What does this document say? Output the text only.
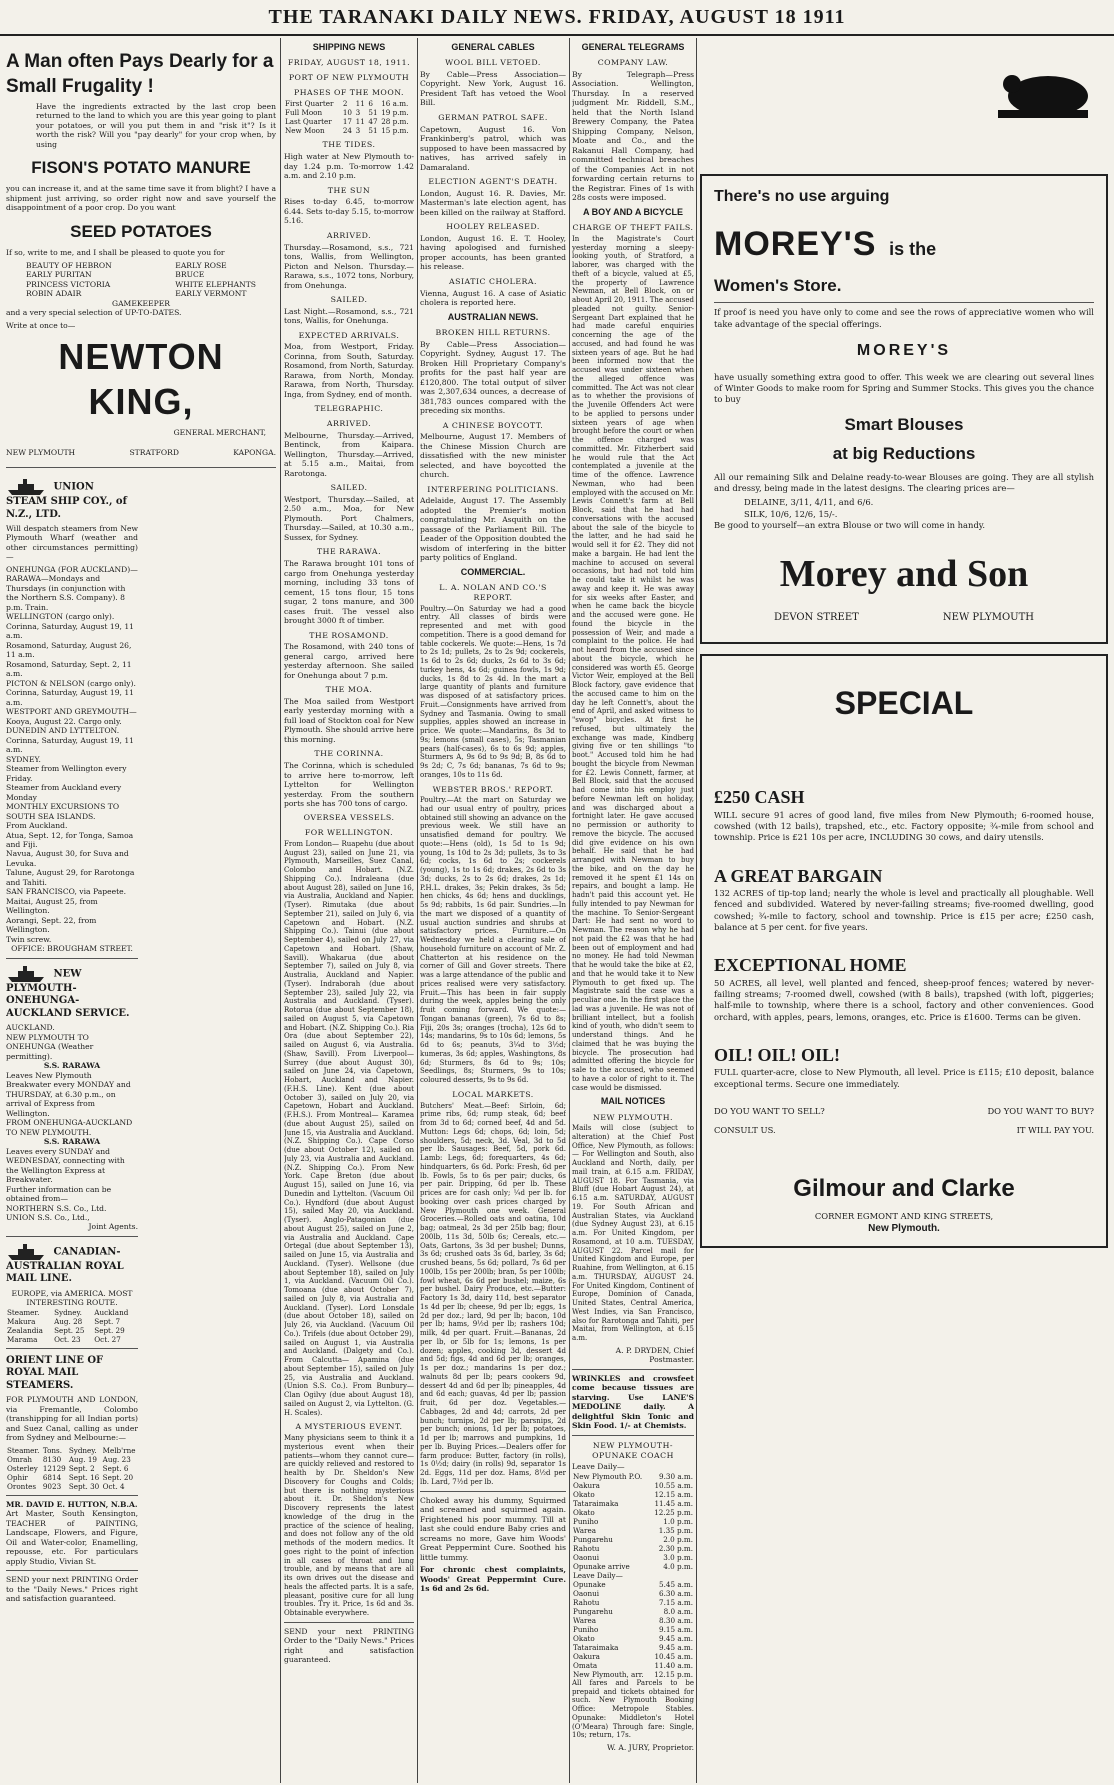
THE TARANAKI DAILY NEWS. FRIDAY, AUGUST 18 1911
A Man often Pays Dearly for a
Small Frugality !

Have the ingredients extracted by the last crop been returned to the land to which you are this year going to plant your potatoes, or will you put them in and "risk it"? Is it worth the risk? Will you "pay dearly" for your crop when, by using

FISON'S POTATO MANURE

you can increase it, and at the same time save it from blight? I have a shipment just arriving, so order right now and save yourself the disappointment of a poor crop. Do you want

SEED POTATOES

If so, write to me, and I shall be pleased to quote you for

BEAUTY OF HEBRON
EARLY PURITAN
PRINCESS VICTORIA
ROBIN ADAIR
EARLY ROSE
BRUCE
WHITE ELEPHANTS
EARLY VERMONT
GAMEKEEPER

and a very special selection of UP-TO-DATES.

Write at once to—

NEWTON KING,
GENERAL MERCHANT,
NEW PLYMOUTH	STRATFORD	KAPONGA.
UNION STEAM SHIP COY., of N.Z., LTD.

Will despatch steamers from New Plymouth Wharf (weather and other circumstances permitting)—

ONEHUNGA (FOR AUCKLAND)—
RARAWA—Mondays and Thursdays (in conjunction with the Northern S.S. Company). 8 p.m. Train.
WELLINGTON (cargo only).
Corinna, Saturday, August 19, 11 a.m.
Rosamond, Saturday, August 26, 11 a.m.
Rosamond, Saturday, Sept. 2, 11 a.m.
PICTON & NELSON (cargo only).
Corinna, Saturday, August 19, 11 a.m.
WESTPORT AND GREYMOUTH—
Kooya, August 22. Cargo only.
DUNEDIN AND LYTTELTON.
Corinna, Saturday, August 19, 11 a.m.
SYDNEY.
Steamer from Wellington every Friday.
Steamer from Auckland every Monday
MONTHLY EXCURSIONS TO SOUTH SEA ISLANDS.
From Auckland.
Atua, Sept. 12, for Tonga, Samoa and Fiji.
Navua, August 30, for Suva and Levuka.
Talune, August 29, for Rarotonga and Tahiti.
SAN FRANCISCO, via Papeete.
Maitai, August 25, from Wellington.
Aorangi, Sept. 22, from Wellington.
Twin screw.
OFFICE: BROUGHAM STREET.
NEW PLYMOUTH-ONEHUNGA-AUCKLAND SERVICE.
AUCKLAND.
NEW PLYMOUTH TO ONEHUNGA (Weather permitting).
S.S. RARAWA
Leaves New Plymouth Breakwater every MONDAY and THURSDAY, at 6.30 p.m., on arrival of Express from Wellington.
FROM ONEHUNGA-AUCKLAND TO NEW PLYMOUTH.
S.S. RARAWA
Leaves every SUNDAY and WEDNESDAY, connecting with the Wellington Express at Breakwater.
Further information can be obtained from—
NORTHERN S.S. Co., Ltd.
UNION S.S. Co., Ltd.,
Joint Agents.
CANADIAN-AUSTRALIAN ROYAL MAIL LINE.
EUROPE, via AMERICA. MOST INTERESTING ROUTE.
Steamer.	Sydney.	Auckland
Makura	Aug. 28	Sept. 7
Zealandia	Sept. 25	Sept. 29
Marama	Oct. 23	Oct. 27
ORIENT LINE OF ROYAL MAIL STEAMERS.

FOR PLYMOUTH AND LONDON, via Fremantle, Colombo (transhipping for all Indian ports) and Suez Canal, calling as under from Sydney and Melbourne:—

Steamer.	Tons.	Sydney.	Melb'rne
Omrah	8130	Aug. 19	Aug. 23
Osterley	12129	Sept. 2	Sept. 6
Ophir	6814	Sept. 16	Sept. 20
Orontes	9023	Sept. 30	Oct. 4
MR. DAVID E. HUTTON, N.B.A.

Art Master, South Kensington, TEACHER of PAINTING, Landscape, Flowers, and Figure, Oil and Water-color, Enamelling, repousse, etc. For particulars apply Studio, Vivian St.

SEND your next PRINTING Order to the "Daily News." Prices right and satisfaction guaranteed.

SHIPPING NEWS
FRIDAY, AUGUST 18, 1911.
PORT OF NEW PLYMOUTH
PHASES OF THE MOON.
First Quarter	2	11	6	16 a.m.
Full Moon	10	3	51	19 p.m.
Last Quarter	17	11	47	28 p.m.
New Moon	24	3	51	15 p.m.
THE TIDES.

High water at New Plymouth to-day 1.24 p.m. To-morrow 1.42 a.m. and 2.10 p.m.

THE SUN

Rises to-day 6.45, to-morrow 6.44. Sets to-day 5.15, to-morrow 5.16.

ARRIVED.

Thursday.—Rosamond, s.s., 721 tons, Wallis, from Wellington, Picton and Nelson. Thursday.—Rarawa, s.s., 1072 tons, Norbury, from Onehunga.

SAILED.

Last Night.—Rosamond, s.s., 721 tons, Wallis, for Onehunga.

EXPECTED ARRIVALS.

Moa, from Westport, Friday. Corinna, from South, Saturday. Rosamond, from North, Saturday. Rarawa, from North, Monday. Rarawa, from North, Thursday. Inga, from Sydney, end of month.

TELEGRAPHIC.
ARRIVED.

Melbourne, Thursday.—Arrived, Bentinck, from Kaipara. Wellington, Thursday.—Arrived, at 5.15 a.m., Maitai, from Rarotonga.

SAILED.

Westport, Thursday.—Sailed, at 2.50 a.m., Moa, for New Plymouth. Port Chalmers, Thursday.—Sailed, at 10.30 a.m., Sussex, for Sydney.

THE RARAWA.

The Rarawa brought 101 tons of cargo from Onehunga yesterday morning, including 33 tons of cement, 15 tons flour, 15 tons sugar, 2 tons manure, and 300 cases fruit. The vessel also brought 3000 ft of timber.

THE ROSAMOND.

The Rosamond, with 240 tons of general cargo, arrived here yesterday afternoon. She sailed for Onehunga about 7 p.m.

THE MOA.

The Moa sailed from Westport early yesterday morning with a full load of Stockton coal for New Plymouth. She should arrive here this morning.

THE CORINNA.

The Corinna, which is scheduled to arrive here to-morrow, left Lyttelton for Wellington yesterday. From the southern ports she has 700 tons of cargo.

OVERSEA VESSELS.
FOR WELLINGTON.

From London— Ruapehu (due about August 23), sailed on June 21, via Plymouth, Marseilles, Suez Canal, Colombo and Hobart. (N.Z. Shipping Co.). Indraleana (due about August 28), sailed on June 16, via Australia, Auckland and Napier. (Tyser). Rimutaka (due about September 21), sailed on July 6, via Capetown and Hobart. (N.Z. Shipping Co.). Tainui (due about September 4), sailed on July 27, via Capetown and Hobart. (Shaw, Savill). Whakarua (due about September 7), sailed on July 8, via Australia, Auckland and Napier. (Tyser). Indraborah (due about September 23), sailed July 22, via Australia and Auckland. (Tyser). Rotorua (due about September 18), sailed on August 5, via Capetown and Hobart. (N.Z. Shipping Co.). Ria Ora (due about September 22), sailed on August 6, via Australia. (Shaw, Savill). From Liverpool— Surrey (due about August 30), sailed on June 24, via Capetown, Hobart, Auckland and Napier. (F.H.S. Line). Kent (due about October 3), sailed on July 20, via Capetown, Hobart and Auckland. (F.H.S.). From Montreal— Karamea (due about August 25), sailed on June 15, via Australia and Auckland. (N.Z. Shipping Co.). Cape Corso (due about October 12), sailed on July 23, via Australia and Auckland. (N.Z. Shipping Co.). From New York. Cape Breton (due about August 15), sailed on June 16, via Dunedin and Lyttelton. (Vacuum Oil Co.). Hyndford (due about August 15), sailed May 20, via Auckland. (Tyser). Anglo-Patagonian (due about August 25), sailed on June 2, via Australia and Auckland. Cape Ortegal (due about September 13), sailed on June 15, via Australia and Auckland. (Tyser). Wellsone (due about September 18), sailed on July 1, via Auckland. (Vacuum Oil Co.). Tomoana (due about October 7), sailed on July 8, via Australia and Auckland. (Tyser). Lord Lonsdale (due about October 18), sailed on July 26, via Auckland. (Vacuum Oil Co.). Trifels (due about October 29), sailed on August 1, via Australia and Auckland. (Dalgety and Co.). From Calcutta— Apamina (due about September 15), sailed on July 25, via Australia and Auckland. (Union S.S. Co.). From Bunbury— Clan Ogilvy (due about August 18), sailed on August 2, via Lyttelton. (G. H. Scales).

A MYSTERIOUS EVENT.

Many physicians seem to think it a mysterious event when their patients—whom they cannot cure—are quickly relieved and restored to health by Dr. Sheldon's New Discovery for Coughs and Colds; but there is nothing mysterious about it. Dr. Sheldon's New Discovery represents the latest knowledge of the drug in the practice of the science of healing, and does not follow any of the old methods of the modern medics. It goes right to the point of infection in all cases of throat and lung trouble, and by means that are all its own drives out the disease and heals the affected parts. It is a safe, pleasant, positive cure for all lung troubles. Try it. Price, 1s 6d and 3s. Obtainable everywhere.

SEND your next PRINTING Order to the "Daily News." Prices right and satisfaction guaranteed.

GENERAL CABLES
WOOL BILL VETOED.

By Cable—Press Association—Copyright. New York, August 16. President Taft has vetoed the Wool Bill.

GERMAN PATROL SAFE.

Capetown, August 16. Von Frankinberg's patrol, which was supposed to have been massacred by natives, has arrived safely in Damaraland.

ELECTION AGENT'S DEATH.

London, August 16. R. Davies, Mr. Masterman's late election agent, has been killed on the railway at Stafford.

HOOLEY RELEASED.

London, August 16. E. T. Hooley, having apologised and furnished proper accounts, has been granted his release.

ASIATIC CHOLERA.

Vienna, August 16. A case of Asiatic cholera is reported here.

AUSTRALIAN NEWS.
BROKEN HILL RETURNS.

By Cable—Press Association—Copyright. Sydney, August 17. The Broken Hill Proprietary Company's profits for the past half year are £120,800. The total output of silver was 2,307,634 ounces, a decrease of 381,783 ounces compared with the preceding six months.

A CHINESE BOYCOTT.

Melbourne, August 17. Members of the Chinese Mission Church are dissatisfied with the new minister selected, and have boycotted the church.

INTERFERING POLITICIANS.

Adelaide, August 17. The Assembly adopted the Premier's motion congratulating Mr. Asquith on the passage of the Parliament Bill. The Leader of the Opposition doubted the wisdom of interfering in the bitter party politics of England.

COMMERCIAL.
L. A. NOLAN AND CO.'S REPORT.

Poultry.—On Saturday we had a good entry. All classes of birds were represented and met with good competition. There is a good demand for table cockerels. We quote:—Hens, 1s 7d to 2s 1d; pullets, 2s to 2s 9d; cockerels, 1s 6d to 2s 6d; ducks, 2s 6d to 3s 6d; turkey hens, 4s 6d; guinea fowls, 1s 9d; ducks, 1s 8d to 2s 4d. In the mart a large quantity of plants and furniture was disposed of at satisfactory prices. Fruit.—Consignments have arrived from Sydney and Tasmania. Owing to small supplies, apples showed an increase in price. We quote:—Mandarins, 8s 3d to 9s; lemons (small cases), 5s; Tasmanian pears (half-cases), 6s to 6s 9d; apples, Sturmers A, 9s 6d to 9s 9d; B, 8s 6d to 9s 2d; C, 7s 6d; bananas, 7s 6d to 9s; oranges, 10s to 11s 6d.

WEBSTER BROS.' REPORT.

Poultry.—At the mart on Saturday we had our usual entry of poultry, prices obtained still showing an advance on the previous week. We still have an unsatisfied demand for poultry. We quote:—Hens (old), 1s 5d to 1s 9d; young, 1s 10d to 2s 3d; pullets, 3s to 3s 6d; cocks, 1s 6d to 2s; cockerels (young), 1s to 1s 6d; drakes, 2s 6d to 3s 3d; ducks, 2s to 2s 6d; drakes, 2s 1d; P.H.L. drakes, 3s; Pekin drakes, 3s 5d; hen chicks, 4s 6d; hens and ducklings, 5s 9d; rabbits, 1s 6d pair. Sundries.—In the mart we disposed of a quantity of usual auction sundries and shrubs at satisfactory prices. Furniture.—On Wednesday we held a clearing sale of household furniture on account of Mr. Z. Chatterton at his residence on the corner of Gill and Gover streets. There was a large attendance of the public and prices realised were very satisfactory. Fruit.—This has been in fair supply during the week, apples being the only fruit coming forward. We quote:—Tongan bananas (green), 7s 6d to 8s; Fiji, 20s 3s; oranges (trocha), 12s 6d to 14s; mandarins, 9s to 10s 6d; lemons, 5s 6d to 6s; peanuts, 3¼d to 3½d; kumeras, 3s 6d; apples, Washingtons, 8s 6d; Sturmers, 8s 6d to 9s; 10s; Seedlings, 8s; Sturmers, 9s to 10s; coloured desserts, 9s to 9s 6d.

LOCAL MARKETS.

Butchers' Meat.—Beef: Sirloin, 6d; prime ribs, 6d; rump steak, 6d; beef from 3d to 6d; corned beef, 4d and 5d. Mutton: Legs 6d; chops, 6d; loin, 5d; shoulders, 5d; neck, 3d. Veal, 3d to 5d per lb. Sausages: Beef, 5d, pork 6d. Lamb: Legs, 6d; forequarters, 4s 6d; hindquarters, 6s 6d. Pork: Fresh, 6d per lb. Fowls, 5s to 6s per pair; ducks, 6s per pair. Dripping, 6d per lb. These prices are for cash only; ¼d per lb. for booking over cash prices charged by New Plymouth one week. General Groceries.—Rolled oats and oatina, 10d bag; oatmeal, 2s 3d per 25lb bag; flour, 200lb, 11s 3d, 50lb 6s; Cereals, etc.—Oats, Gartons, 3s 3d per bushel; Dunns, 3s 6d; crushed oats 3s 6d, barley, 3s 6d; crushed beans, 5s 6d; pollard, 7s 6d per 100lb, 15s per 200lb; bran, 5s per 100lb; fowl wheat, 6s 6d per bushel; maize, 6s per bushel. Dairy Produce, etc.—Butter: Factory 1s 3d, dairy 11d, best separator 1s 4d per lb; cheese, 9d per lb; eggs, 1s 2d per doz.; lard, 9d per lb; bacon, 10d per lb; hams, 9½d per lb; rashers 10d; milk, 4d per quart. Fruit.—Bananas, 2d per lb, or 5lb for 1s; lemons, 1s per dozen; apples, cooking 3d, dessert 4d and 5d; figs, 4d and 6d per lb; oranges, 1s per doz.; mandarins 1s per doz.; walnuts 8d per lb; pears cookers 9d, dessert 4d and 6d per lb; pineapples, 4d and 6d each; guavas, 4d per lb; passion fruit, 6d per doz. Vegetables.—Cabbages, 2d and 4d; carrots, 2d per bunch; turnips, 2d per lb; parsnips, 2d per bunch; onions, 1d per lb; potatoes, 1d per lb; marrows and pumpkins, 1d per lb. Buying Prices.—Dealers offer for farm produce: Butter, factory (in rolls), 1s 0½d; dairy (in rolls) 9d, separator 1s 2d. Eggs, 11d per doz. Hams, 8½d per lb. Lard, 7½d per lb.

Choked away his dummy, Squirmed and screamed and squirmed again. Frightened his poor mummy. Till at last she could endure Baby cries and screams no more, Gave him Woods' Great Peppermint Cure. Soothed his little tummy.

For chronic chest complaints, Woods' Great Peppermint Cure. 1s 6d and 2s 6d.

GENERAL TELEGRAMS
COMPANY LAW.

By Telegraph—Press Association. Wellington, Thursday. In a reserved judgment Mr. Riddell, S.M., held that the North Island Brewery Company, the Patea Shipping Company, Nelson, Moate and Co., and the Rakanui Hall Company, had committed technical breaches of the Companies Act in not forwarding certain returns to the Registrar. Fines of 1s with 28s costs were imposed.

A BOY AND A BICYCLE
CHARGE OF THEFT FAILS.

In the Magistrate's Court yesterday morning a sleepy-looking youth, of Stratford, a laborer, was charged with the theft of a bicycle, valued at £5, the property of Lawrence Newman, at Bell Block, on or about April 20, 1911. The accused pleaded not guilty. Senior-Sergeant Dart explained that he had made careful enquiries concerning the age of the accused, and had found he was sixteen years of age. But he had been informed now that the accused was under sixteen when the alleged offence was committed. The Act was not clear as to whether the provisions of the Juvenile Offenders Act were to be applied to persons under sixteen years of age when brought before the court or when the offence charged was committed. Mr. Fitzherbert said he would rule that the Act contemplated a juvenile at the time of the offence. Lawrence Newman, who had been employed with the accused on Mr. Lewis Connett's farm at Bell Block, said that he had had conversations with the accused about the sale of the bicycle to the latter, and he had said he would sell it for £2. They did not make a bargain. He had lent the machine to accused on several occasions, but had not told him he could take it whilst he was away and keep it. He was away for six weeks after Easter, and when he came back the bicycle and the accused were gone. He found the bicycle in the possession of Weir, and made a complaint to the police. He had not heard from the accused since about the bicycle, which he considered was worth £5. George Victor Weir, employed at the Bell Block factory, gave evidence that the accused came to him on the day he left Connett's, about the end of April, and asked witness to "swop" bicycles. At first he refused, but ultimately the exchange was made, Kindberg giving five or ten shillings "to boot." Accused told him he had bought the bicycle from Newman for £2. Lewis Connett, farmer, at Bell Block, said that the accused had come into his employ just before Newman left on holiday, and was discharged about a fortnight later. He gave accused no permission or authority to remove the bicycle. The accused did give evidence on his own behalf. He said that he had arranged with Newman to buy the bike, and on the day he removed it he spent £1 14s on repairs, and bought a lamp. He hadn't paid this account yet. He fully intended to pay Newman for the machine. To Senior-Sergeant Dart: He had sent no word to Newman. The reason why he had not paid the £2 was that he had been out of employment and had no money. He had told Newman that he would take the bike at £2, and that he would take it to New Plymouth to get fixed up. The Magistrate said the case was a peculiar one. In the first place the lad was a juvenile. He was not of brilliant intellect, but a foolish kind of youth, who didn't seem to understand things. And he claimed that he was buying the bicycle. The prosecution had admitted offering the bicycle for sale to the accused, who seemed to have a color of right to it. The case would be dismissed.

MAIL NOTICES
NEW PLYMOUTH.

Mails will close (subject to alteration) at the Chief Post Office, New Plymouth, as follows:— For Wellington and South, also Auckland and North, daily, per mail train, at 6.15 a.m. FRIDAY, AUGUST 18. For Tasmania, via Bluff (due Hobart August 24), at 6.15 a.m. SATURDAY, AUGUST 19. For South African and Australian States, via Auckland (due Sydney August 23), at 6.15 a.m. For United Kingdom, per Rosamond, at 10 a.m. TUESDAY, AUGUST 22. Parcel mail for United Kingdom and Europe, per Ruahine, from Wellington, at 6.15 a.m. THURSDAY, AUGUST 24. For United Kingdom, Continent of Europe, Dominion of Canada, United States, Central America, West Indies, via San Francisco, also for Rarotonga and Tahiti, per Maitai, from Wellington, at 6.15 a.m.

A. P. DRYDEN, Chief Postmaster.

WRINKLES and crowsfeet come because tissues are starving. Use LANE'S MEDOLINE daily. A delightful Skin Tonic and Skin Food. 1/- at Chemists.

NEW PLYMOUTH-OPUNAKE COACH
Leave Daily—
New Plymouth P.O.	9.30 a.m.
Oakura	10.55 a.m.
Okato	12.15 a.m.
Tataraimaka	11.45 a.m.
Okato	12.25 p.m.
Puniho	1.0 p.m.
Warea	1.35 p.m.
Pungarehu	2.0 p.m.
Rahotu	2.30 p.m.
Oaonui	3.0 p.m.
Opunake arrive	4.0 p.m.
Leave Daily—	
Opunake	5.45 a.m.
Oaonui	6.30 a.m.
Rahotu	7.15 a.m.
Pungarehu	8.0 a.m.
Warea	8.30 a.m.
Puniho	9.15 a.m.
Okato	9.45 a.m.
Tataraimaka	9.45 a.m.
Oakura	10.45 a.m.
Omata	11.40 a.m.
New Plymouth, arr.	12.15 p.m.

All fares and Parcels to be prepaid and tickets obtained for such. New Plymouth Booking Office: Metropole Stables. Opunake: Middleton's Hotel (O'Meara) Through fare: Single, 10s; return, 17s.

W. A. JURY, Proprietor.

There's no use arguing
MOREY'S is the
Women's Store.

If proof is need you have only to come and see the rows of appreciative women who will take advantage of the special offerings.

MOREY'S

have usually something extra good to offer. This week we are clearing out several lines of Winter Goods to make room for Spring and Summer Stocks. This gives you the chance to buy

Smart Blouses
at big Reductions

All our remaining Silk and Delaine ready-to-wear Blouses are going. They are all stylish and dressy, being made in the latest designs. The clearing prices are—

DELAINE, 3/11, 4/11, and 6/6.
SILK, 10/6, 12/6, 15/-.

Be good to yourself—an extra Blouse or two will come in handy.

Morey and Son
DEVON STREET	NEW PLYMOUTH
SPECIAL
£250 CASH

WILL secure 91 acres of good land, five miles from New Plymouth; 6-roomed house, cowshed (with 12 bails), trapshed, etc., etc. Factory opposite; ¾-mile from school and township. Price is £21 10s per acre, INCLUDING 30 cows, and dairy utensils.

A GREAT BARGAIN

132 ACRES of tip-top land; nearly the whole is level and practically all ploughable. Well fenced and subdivided. Watered by never-failing streams; five-roomed dwelling, good cowshed; ¾-mile to factory, school and township. Price is £15 per acre; £250 cash, balance at 5 per cent. for five years.

EXCEPTIONAL HOME

50 ACRES, all level, well planted and fenced, sheep-proof fences; watered by never-failing streams; 7-roomed dwell, cowshed (with 8 bails), trapshed (with loft, piggeries; half-mile to township, where there is a school, factory and other conveniences. Good orchard, with apples, pears, lemons, oranges, etc. Price is £1600. Terms can be given.

OIL! OIL! OIL!

FULL quarter-acre, close to New Plymouth, all level. Price is £115; £10 deposit, balance exceptional terms. Secure one immediately.

DO YOU WANT TO SELL?	DO YOU WANT TO BUY?
CONSULT US.	IT WILL PAY YOU.
Gilmour and Clarke
CORNER EGMONT AND KING STREETS,
New Plymouth.
